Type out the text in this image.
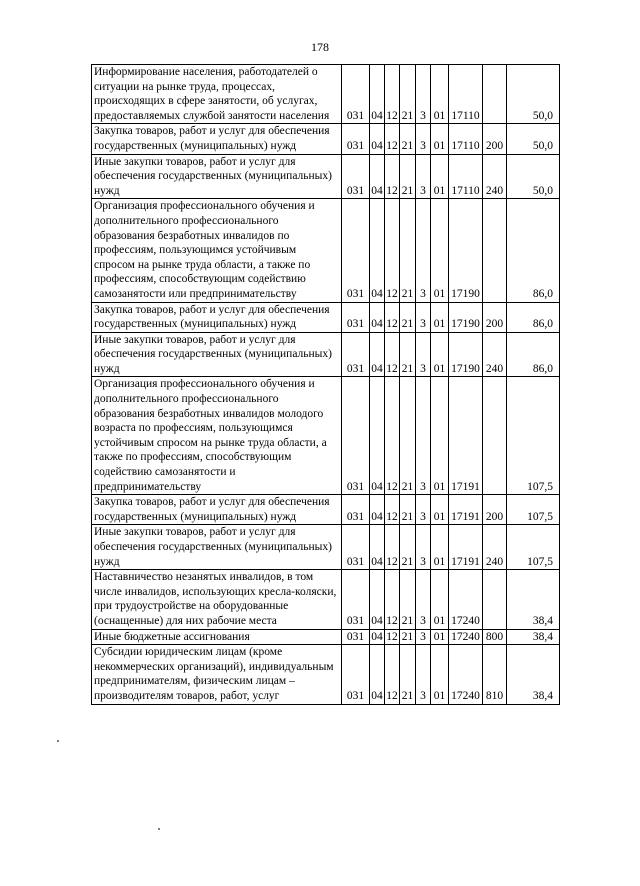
178
Информирование населения, работодателей о ситуации на рынке труда, процессах, происходящих в сфере занятости, об услугах, предоставляемых службой занятости населения	031	04	12	21	3	01	17110		50,0
Закупка товаров, работ и услуг для обеспечения государственных (муниципальных) нужд	031	04	12	21	3	01	17110	200	50,0
Иные закупки товаров, работ и услуг для обеспечения государственных (муниципальных) нужд	031	04	12	21	3	01	17110	240	50,0
Организация профессионального обучения и дополнительного профессионального образования безработных инвалидов по профессиям, пользующимся устойчивым спросом на рынке труда области, а также по профессиям, способствующим содействию самозанятости или предпринимательству	031	04	12	21	3	01	17190		86,0
Закупка товаров, работ и услуг для обеспечения государственных (муниципальных) нужд	031	04	12	21	3	01	17190	200	86,0
Иные закупки товаров, работ и услуг для обеспечения государственных (муниципальных) нужд	031	04	12	21	3	01	17190	240	86,0
Организация профессионального обучения и дополнительного профессионального образования безработных инвалидов молодого возраста по профессиям, пользующимся устойчивым спросом на рынке труда области, а также по профессиям, способствующим содействию самозанятости и предпринимательству	031	04	12	21	3	01	17191		107,5
Закупка товаров, работ и услуг для обеспечения государственных (муниципальных) нужд	031	04	12	21	3	01	17191	200	107,5
Иные закупки товаров, работ и услуг для обеспечения государственных (муниципальных) нужд	031	04	12	21	3	01	17191	240	107,5
Наставничество незанятых инвалидов, в том числе инвалидов, использующих кресла-коляски, при трудоустройстве на оборудованные (оснащенные) для них рабочие места	031	04	12	21	3	01	17240		38,4
Иные бюджетные ассигнования	031	04	12	21	3	01	17240	800	38,4
Субсидии юридическим лицам (кроме некоммерческих организаций), индивидуальным предпринимателям, физическим лицам – производителям товаров, работ, услуг	031	04	12	21	3	01	17240	810	38,4
